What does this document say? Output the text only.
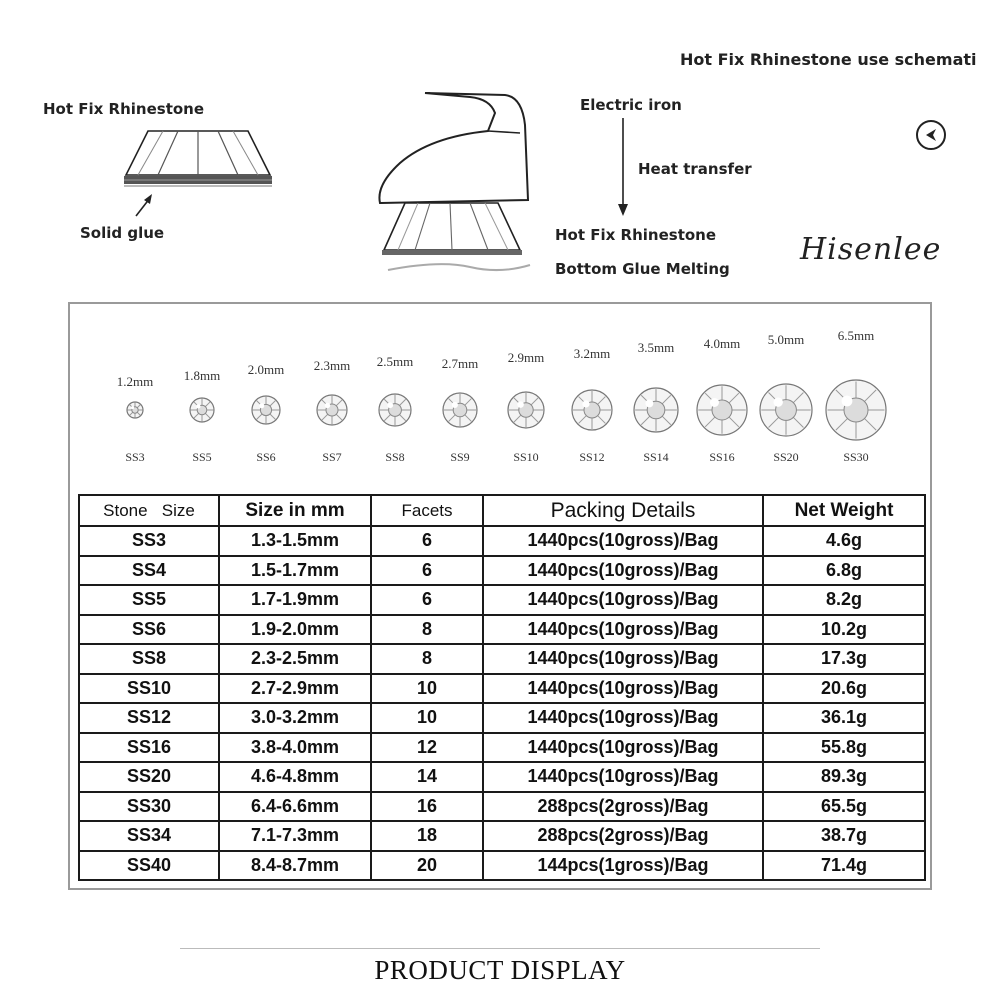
Hot Fix Rhinestone use schemati
Hot Fix Rhinestone
Solid glue
Electric iron
Heat transfer
Hot Fix Rhinestone
Bottom Glue Melting
Hisenlee
1.2mm
SS3
1.8mm
SS5
2.0mm
SS6
2.3mm
SS7
2.5mm
SS8
2.7mm
SS9
2.9mm
SS10
3.2mm
SS12
3.5mm
SS14
4.0mm
SS16
5.0mm
SS20
6.5mm
SS30
Stone   Size	Size in mm	Facets	Packing Details	Net Weight
SS3	1.3-1.5mm	6	1440pcs(10gross)/Bag	4.6g
SS4	1.5-1.7mm	6	1440pcs(10gross)/Bag	6.8g
SS5	1.7-1.9mm	6	1440pcs(10gross)/Bag	8.2g
SS6	1.9-2.0mm	8	1440pcs(10gross)/Bag	10.2g
SS8	2.3-2.5mm	8	1440pcs(10gross)/Bag	17.3g
SS10	2.7-2.9mm	10	1440pcs(10gross)/Bag	20.6g
SS12	3.0-3.2mm	10	1440pcs(10gross)/Bag	36.1g
SS16	3.8-4.0mm	12	1440pcs(10gross)/Bag	55.8g
SS20	4.6-4.8mm	14	1440pcs(10gross)/Bag	89.3g
SS30	6.4-6.6mm	16	288pcs(2gross)/Bag	65.5g
SS34	7.1-7.3mm	18	288pcs(2gross)/Bag	38.7g
SS40	8.4-8.7mm	20	144pcs(1gross)/Bag	71.4g
PRODUCT DISPLAY
